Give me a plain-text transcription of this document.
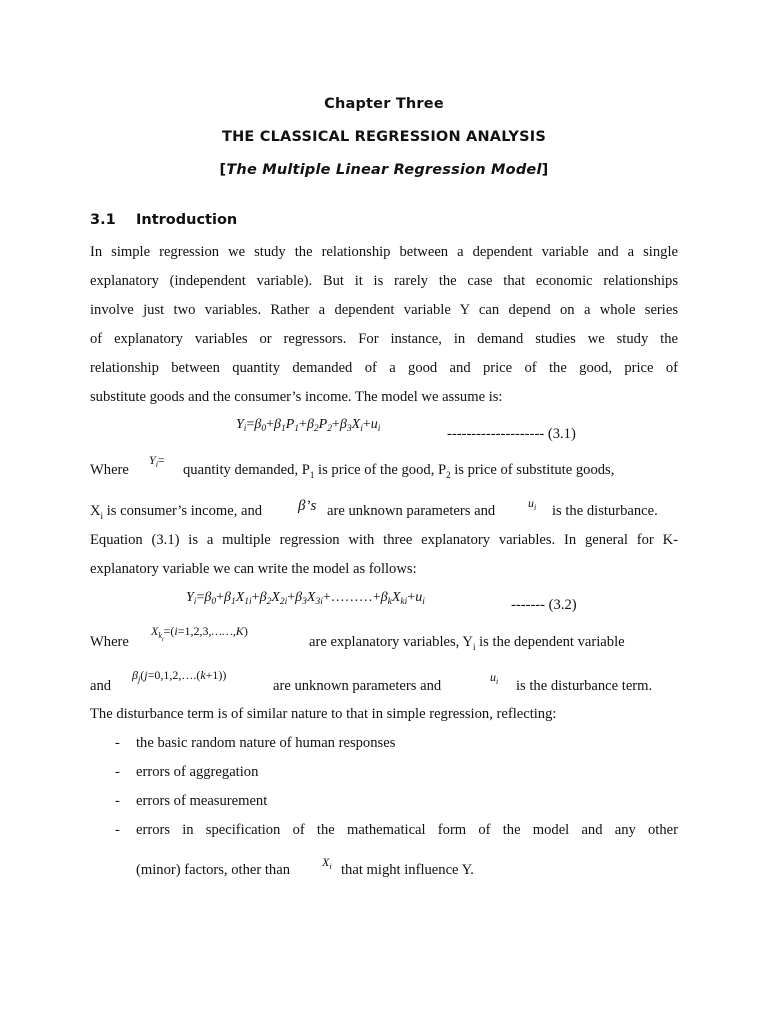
Chapter Three
THE CLASSICAL REGRESSION ANALYSIS
[The Multiple Linear Regression Model]
3.1 Introduction
In simple regression we study the relationship between a dependent variable and a single
explanatory (independent variable). But it is rarely the case that economic relationships
involve just two variables. Rather a dependent variable Y can depend on a whole series
of explanatory variables or regressors. For instance, in demand studies we study the
relationship between quantity demanded of a good and price of the good, price of
substitute goods and the consumer’s income. The model we assume is:
$Y_i=\beta_0+\beta_1P_1+\beta_2P_2+\beta_3X_i+u_i$	-------------------- (3.1)
Where
$Y_i=$
quantity demanded, $P_1$ is price of the good, $P_2$ is price of substitute goods,
$X_i$ is consumer’s income, and β’s are unknown parameters and	$u_i$ is the disturbance.
Equation (3.1) is a multiple regression with three explanatory variables. In general for K-
explanatory variable we can write the model as follows:
$Y_i=\beta_0+\beta_1X_{1i}+\beta_2X_{2i}+\beta_3X_{3i}+\dots\dots\dots+\beta_kX_{ki}+u_i$	------- (3.2)
Where
$X_{k_i}=(i=1,2,3,\dots\dots,K)$
are explanatory variables, $Y_i$ is the dependent variable
and
$\beta_j(j=0,1,2,\dots.(k+1))$
are unknown parameters and
$u_i$ is the disturbance term.
The disturbance term is of similar nature to that in simple regression, reflecting:
- the basic random nature of human responses
- errors of aggregation
- errors of measurement
- errors in specification of the mathematical form of the model and any other
(minor) factors, other than	$X_i$ that might influence Y.
